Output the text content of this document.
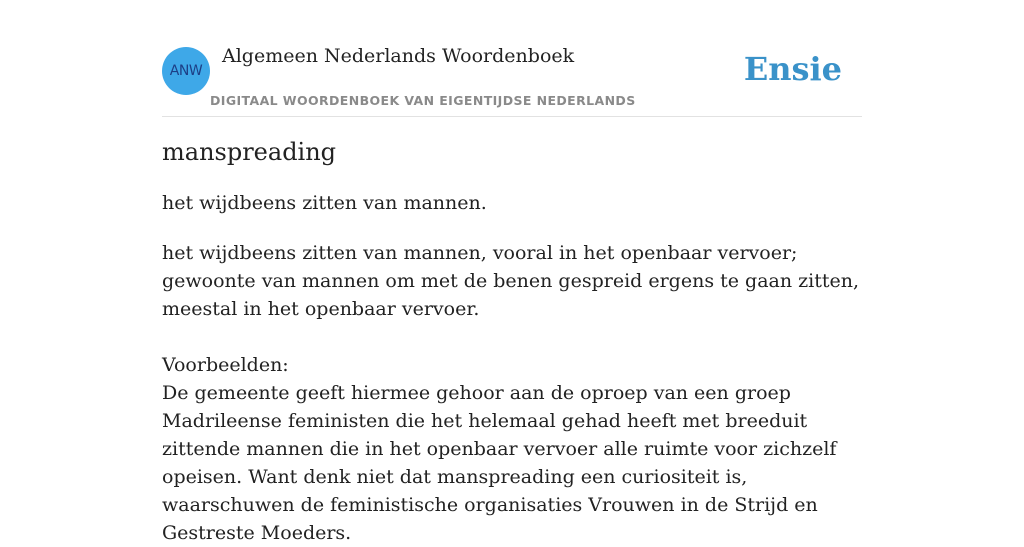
ANW
Algemeen Nederlands Woordenboek
DIGITAAL WOORDENBOEK VAN EIGENTIJDSE NEDERLANDS
Ensie
manspreading

het wijdbeens zitten van mannen.

het wijdbeens zitten van mannen, vooral in het openbaar vervoer; gewoonte van mannen om met de benen gespreid ergens te gaan zitten, meestal in het openbaar vervoer.

Voorbeelden:

De gemeente geeft hiermee gehoor aan de oproep van een groep Madrileense feministen die het helemaal gehad heeft met breeduit zittende mannen die in het openbaar vervoer alle ruimte voor zichzelf opeisen. Want denk niet dat manspreading een curiositeit is, waarschuwen de feministische organisaties Vrouwen in de Strijd en Gestreste Moeders.
